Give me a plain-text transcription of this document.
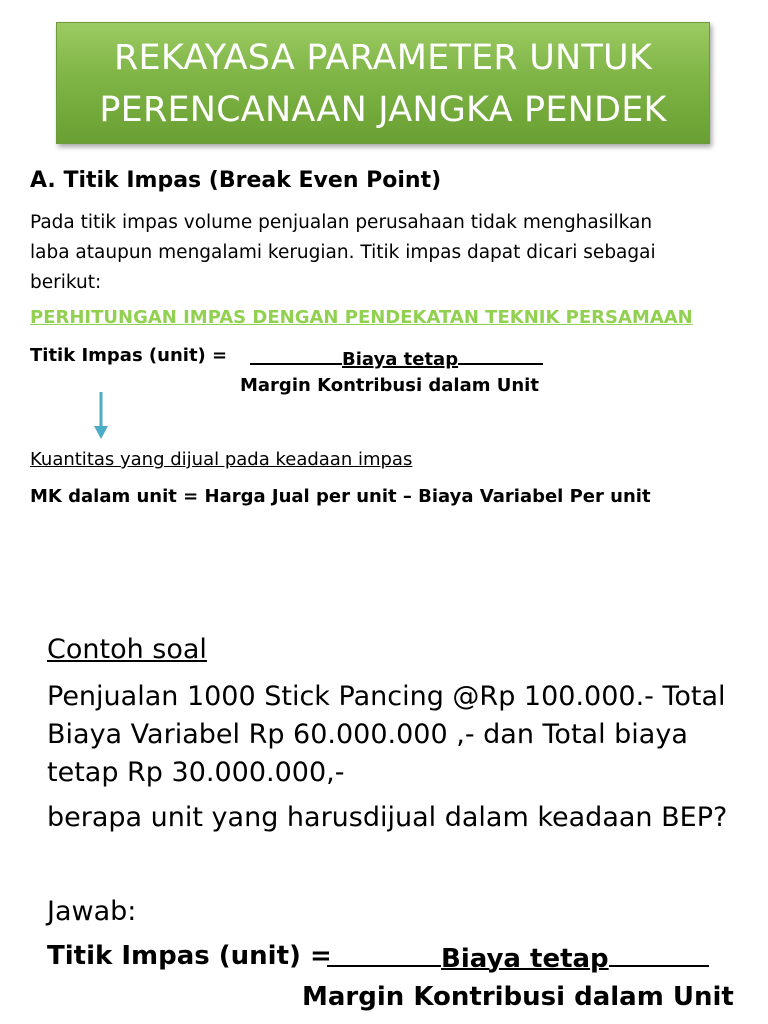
REKAYASA PARAMETER UNTUK
PERENCANAAN JANGKA PENDEK
A. Titik Impas (Break Even Point)
Pada titik impas volume penjualan perusahaan tidak menghasilkan
laba ataupun mengalami kerugian. Titik impas dapat dicari sebagai
berikut:
PERHITUNGAN IMPAS DENGAN PENDEKATAN TEKNIK PERSAMAAN
Titik Impas (unit) =	Biaya tetap
Margin Kontribusi dalam Unit
Kuantitas yang dijual pada keadaan impas
MK dalam unit = Harga Jual per unit – Biaya Variabel Per unit
Contoh soal
Penjualan 1000 Stick Pancing @Rp 100.000.- Total
Biaya Variabel Rp 60.000.000 ,- dan Total biaya
tetap Rp 30.000.000,-
berapa unit yang harusdijual dalam keadaan BEP?
Jawab:
Titik Impas (unit) =	Biaya tetap
Margin Kontribusi dalam Unit
